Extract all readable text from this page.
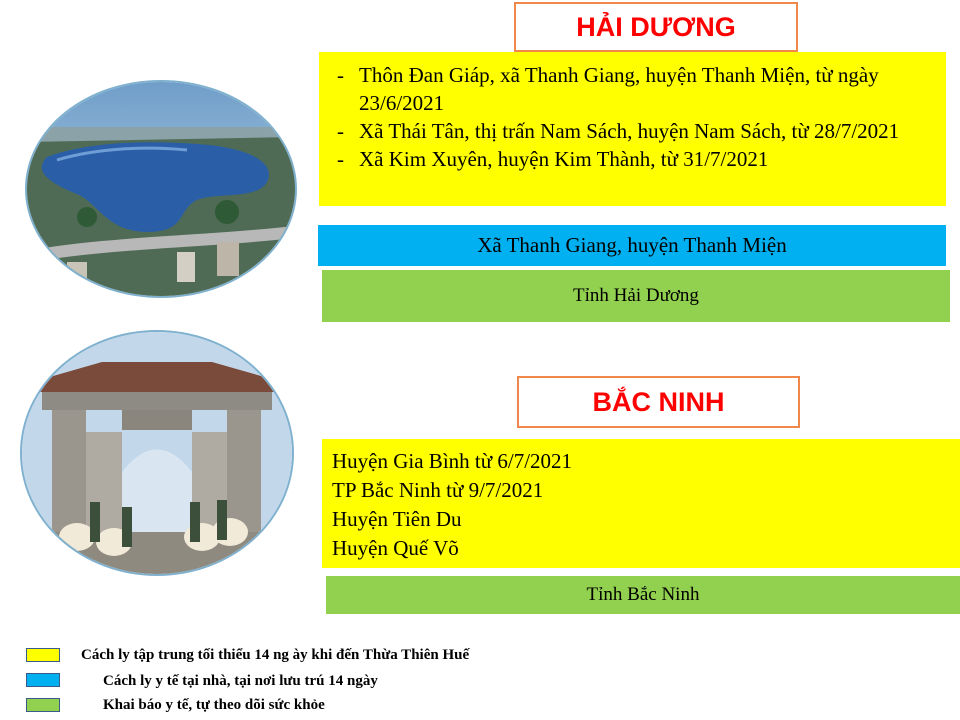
HẢI DƯƠNG
- Thôn Đan Giáp, xã Thanh Giang, huyện Thanh Miện, từ ngày 23/6/2021
- Xã Thái Tân, thị trấn Nam Sách, huyện Nam Sách, từ 28/7/2021
- Xã Kim Xuyên, huyện Kim Thành, từ 31/7/2021
Xã Thanh Giang, huyện Thanh Miện
Tỉnh Hải Dương
BẮC NINH
Huyện Gia Bình từ 6/7/2021
TP Bắc Ninh từ 9/7/2021
Huyện Tiên Du
Huyện Quế Võ
Tỉnh Bắc Ninh
Cách ly tập trung tối thiểu 14 ng ày khi đến Thừa Thiên Huế
Cách ly y tế tại nhà, tại nơi lưu trú 14 ngày
Khai báo y tế, tự theo dõi sức khỏe
